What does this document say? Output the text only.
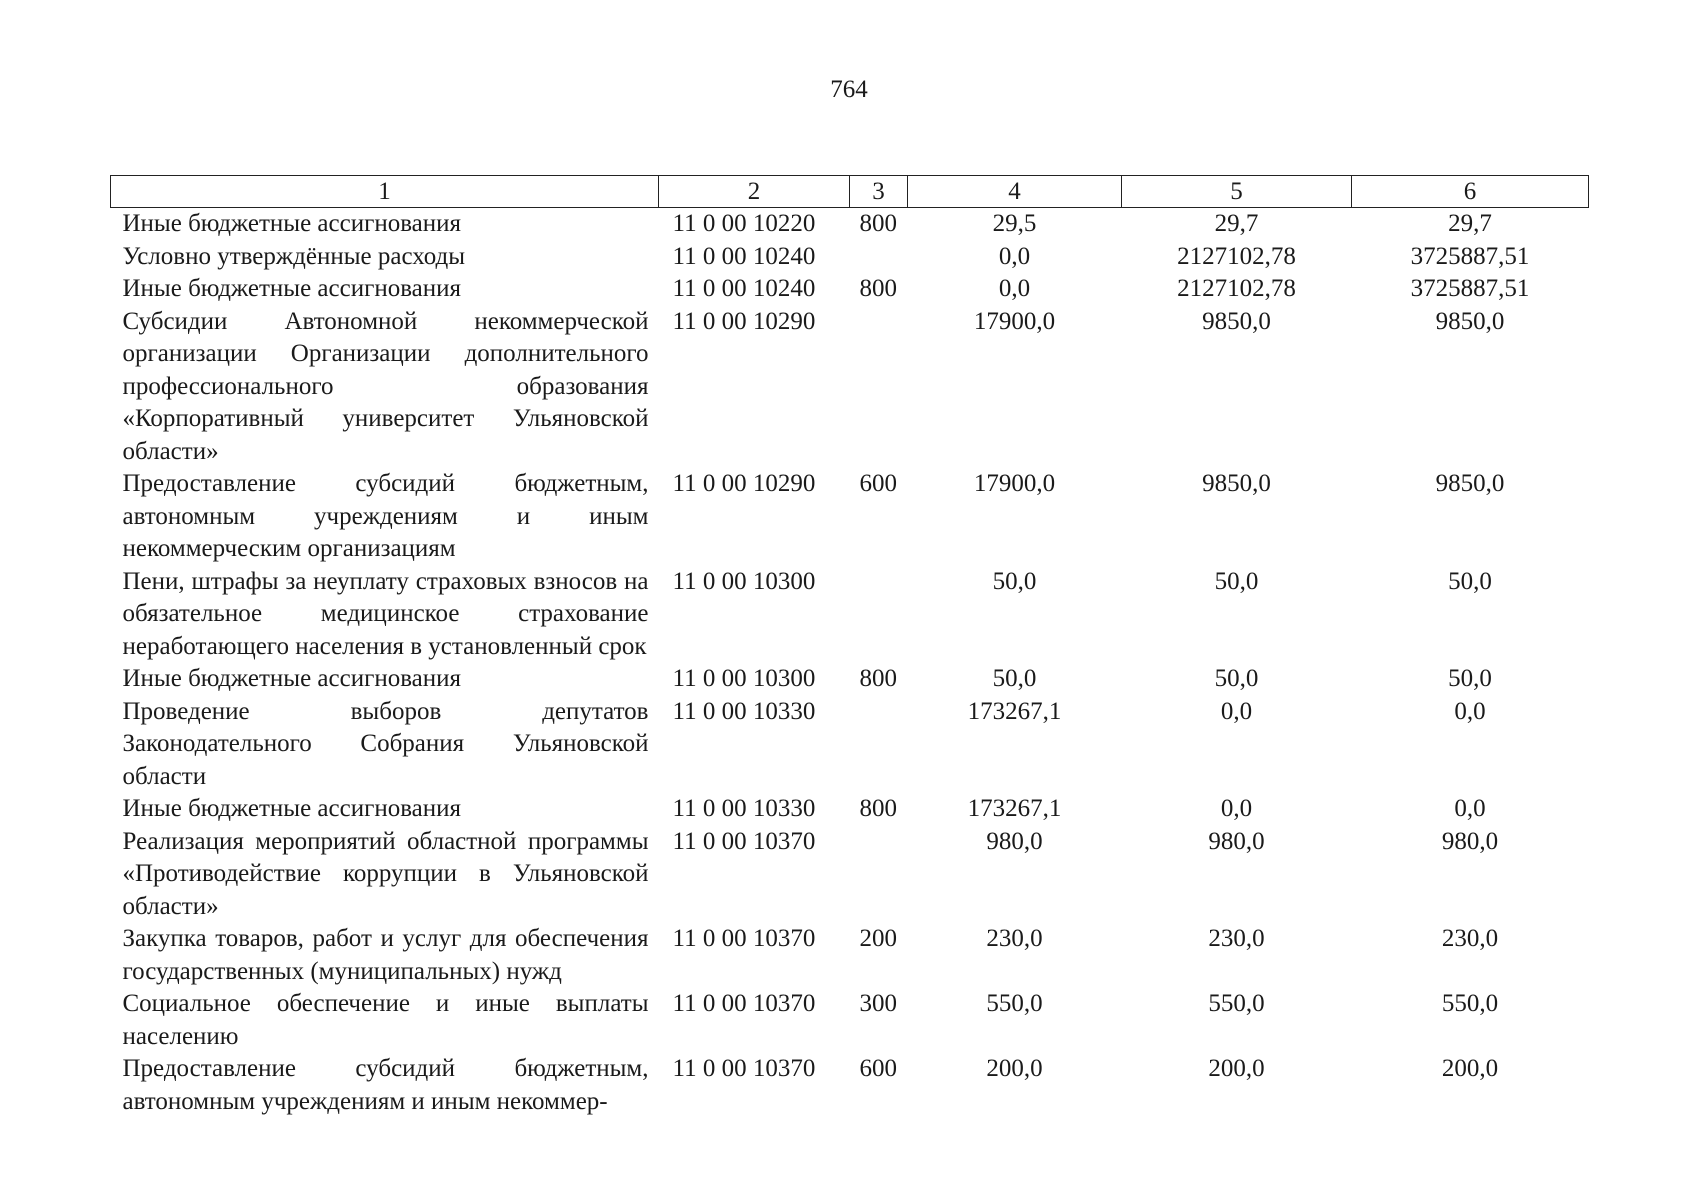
764
1	2	3	4	5	6
Иные бюджетные ассигнования	11 0 00 10220	800	29,5	29,7	29,7
Условно утверждённые расходы	11 0 00 10240		0,0	2127102,78	3725887,51
Иные бюджетные ассигнования	11 0 00 10240	800	0,0	2127102,78	3725887,51
Субсидии Автономной некоммерческой организации Организации дополнительного профессионального образования «Корпоративный университет Ульяновской области»	11 0 00 10290		17900,0	9850,0	9850,0
Предоставление субсидий бюджетным, автономным учреждениям и иным некоммерческим организациям	11 0 00 10290	600	17900,0	9850,0	9850,0
Пени, штрафы за неуплату страховых взносов на обязательное медицинское страхование неработающего населения в установленный срок	11 0 00 10300		50,0	50,0	50,0
Иные бюджетные ассигнования	11 0 00 10300	800	50,0	50,0	50,0
Проведение выборов депутатов Законодательного Собрания Ульяновской области	11 0 00 10330		173267,1	0,0	0,0
Иные бюджетные ассигнования	11 0 00 10330	800	173267,1	0,0	0,0
Реализация мероприятий областной программы «Противодействие коррупции в Ульяновской области»	11 0 00 10370		980,0	980,0	980,0
Закупка товаров, работ и услуг для обеспечения государственных (муниципальных) нужд	11 0 00 10370	200	230,0	230,0	230,0
Социальное обеспечение и иные выплаты населению	11 0 00 10370	300	550,0	550,0	550,0
Предоставление субсидий бюджетным, автономным учреждениям и иным некоммер-	11 0 00 10370	600	200,0	200,0	200,0
